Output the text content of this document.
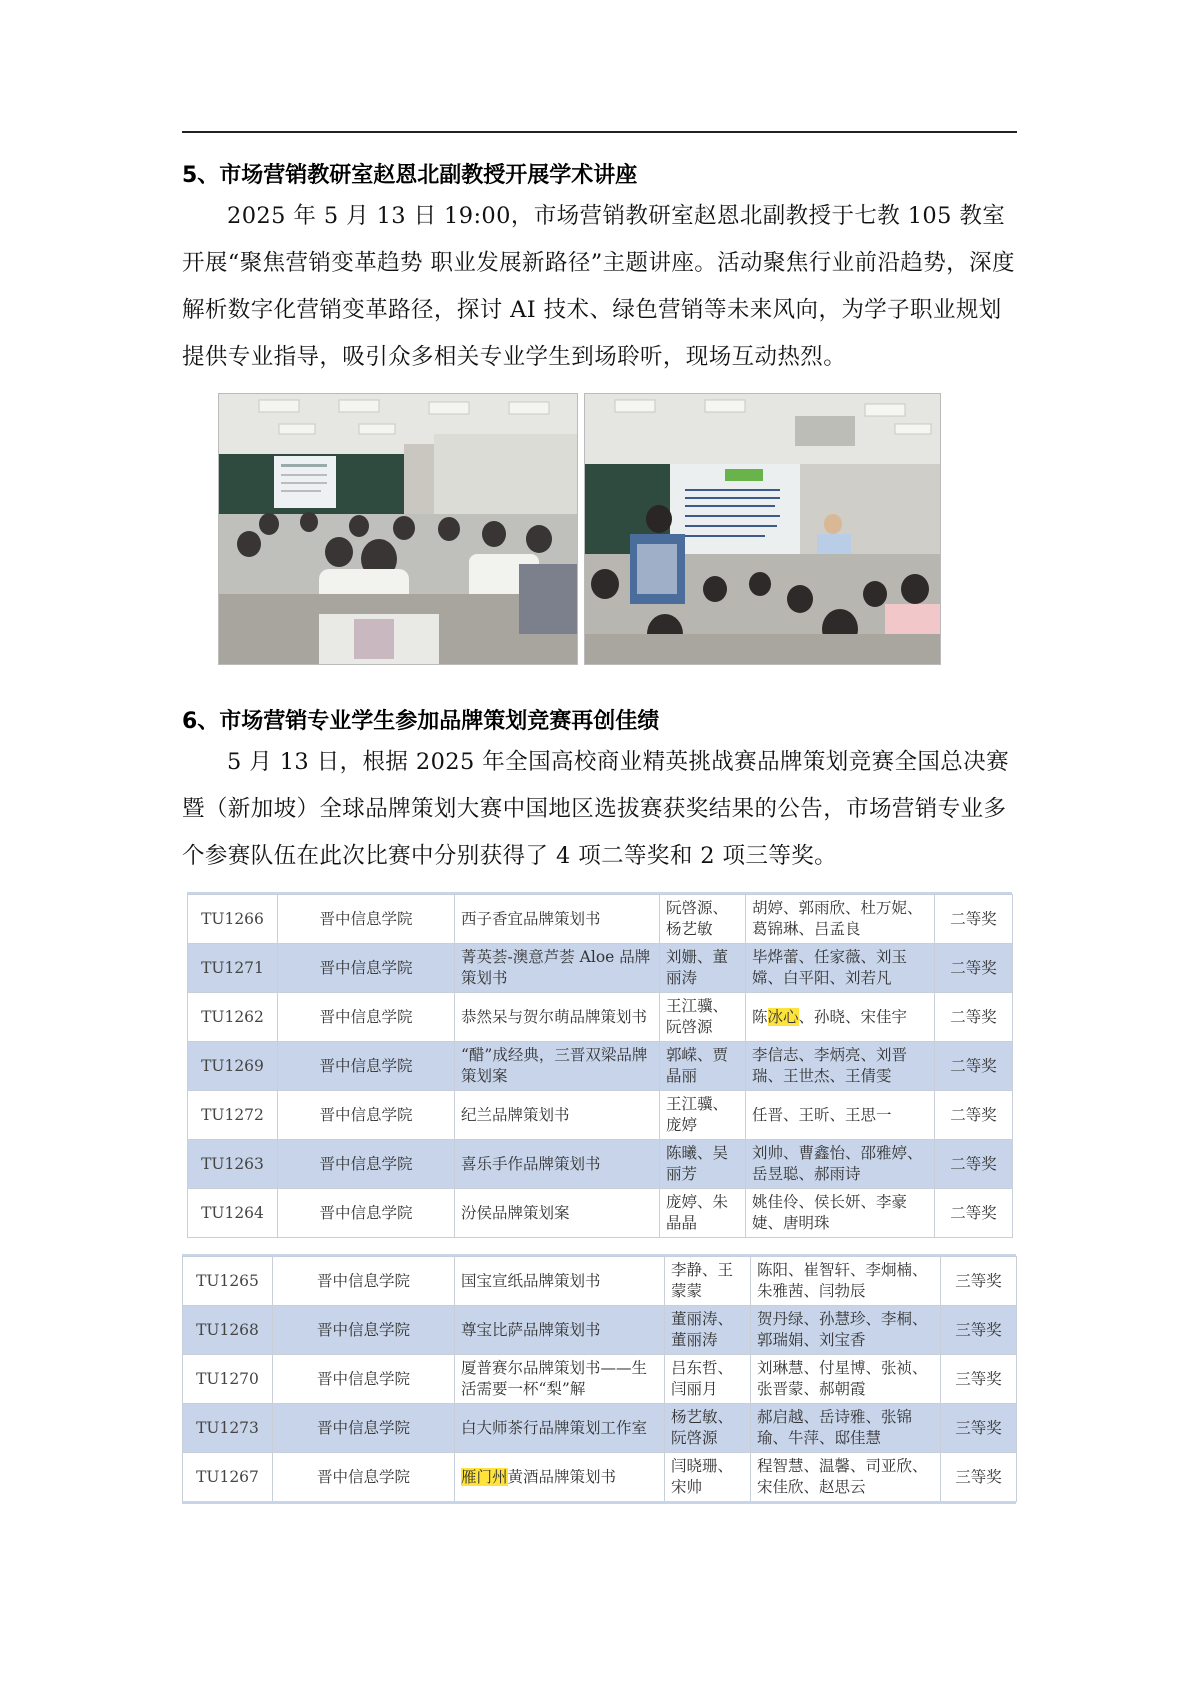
5、市场营销教研室赵恩北副教授开展学术讲座

2025 年 5 月 13 日 19:00，市场营销教研室赵恩北副教授于七教 105 教室开展“聚焦营销变革趋势 职业发展新路径”主题讲座。活动聚焦行业前沿趋势，深度解析数字化营销变革路径，探讨 AI 技术、绿色营销等未来风向，为学子职业规划提供专业指导，吸引众多相关专业学生到场聆听，现场互动热烈。

6、市场营销专业学生参加品牌策划竞赛再创佳绩

5 月 13 日，根据 2025 年全国高校商业精英挑战赛品牌策划竞赛全国总决赛暨（新加坡）全球品牌策划大赛中国地区选拔赛获奖结果的公告，市场营销专业多个参赛队伍在此次比赛中分别获得了 4 项二等奖和 2 项三等奖。

TU1266	晋中信息学院	西子香宜品牌策划书	阮啓源、杨艺敏	胡婷、郭雨欣、杜万妮、葛锦琳、吕孟良	二等奖
TU1271	晋中信息学院	菁英荟-澳意芦荟 Aloe 品牌策划书	刘姗、董丽涛	毕烨蕾、任家薇、刘玉嫦、白平阳、刘若凡	二等奖
TU1262	晋中信息学院	恭然呆与贺尔萌品牌策划书	王江骥、阮啓源	陈冰心、孙晓、宋佳宇	二等奖
TU1269	晋中信息学院	“醋”成经典，三晋双梁品牌策划案	郭嵘、贾晶丽	李信志、李炳亮、刘晋瑞、王世杰、王倩雯	二等奖
TU1272	晋中信息学院	纪兰品牌策划书	王江骥、庞婷	任晋、王昕、王思一	二等奖
TU1263	晋中信息学院	喜乐手作品牌策划书	陈曦、吴丽芳	刘帅、曹鑫怡、邵雅婷、岳昱聪、郝雨诗	二等奖
TU1264	晋中信息学院	汾侯品牌策划案	庞婷、朱晶晶	姚佳伶、侯长妍、李豪婕、唐明珠	二等奖
TU1265	晋中信息学院	国宝宣纸品牌策划书	李静、王蒙蒙	陈阳、崔智轩、李炯楠、朱雅茜、闫勃辰	三等奖
TU1268	晋中信息学院	尊宝比萨品牌策划书	董丽涛、董丽涛	贺丹绿、孙慧珍、李桐、郭瑞娟、刘宝香	三等奖
TU1270	晋中信息学院	厦普赛尔品牌策划书——生活需要一杯“梨”解	吕东哲、闫丽月	刘琳慧、付星博、张祯、张晋蒙、郝朝霞	三等奖
TU1273	晋中信息学院	白大师茶行品牌策划工作室	杨艺敏、阮啓源	郝启越、岳诗雅、张锦瑜、牛萍、邸佳慧	三等奖
TU1267	晋中信息学院	雁门州黄酒品牌策划书	闫晓珊、宋帅	程智慧、温馨、司亚欣、宋佳欣、赵思云	三等奖
